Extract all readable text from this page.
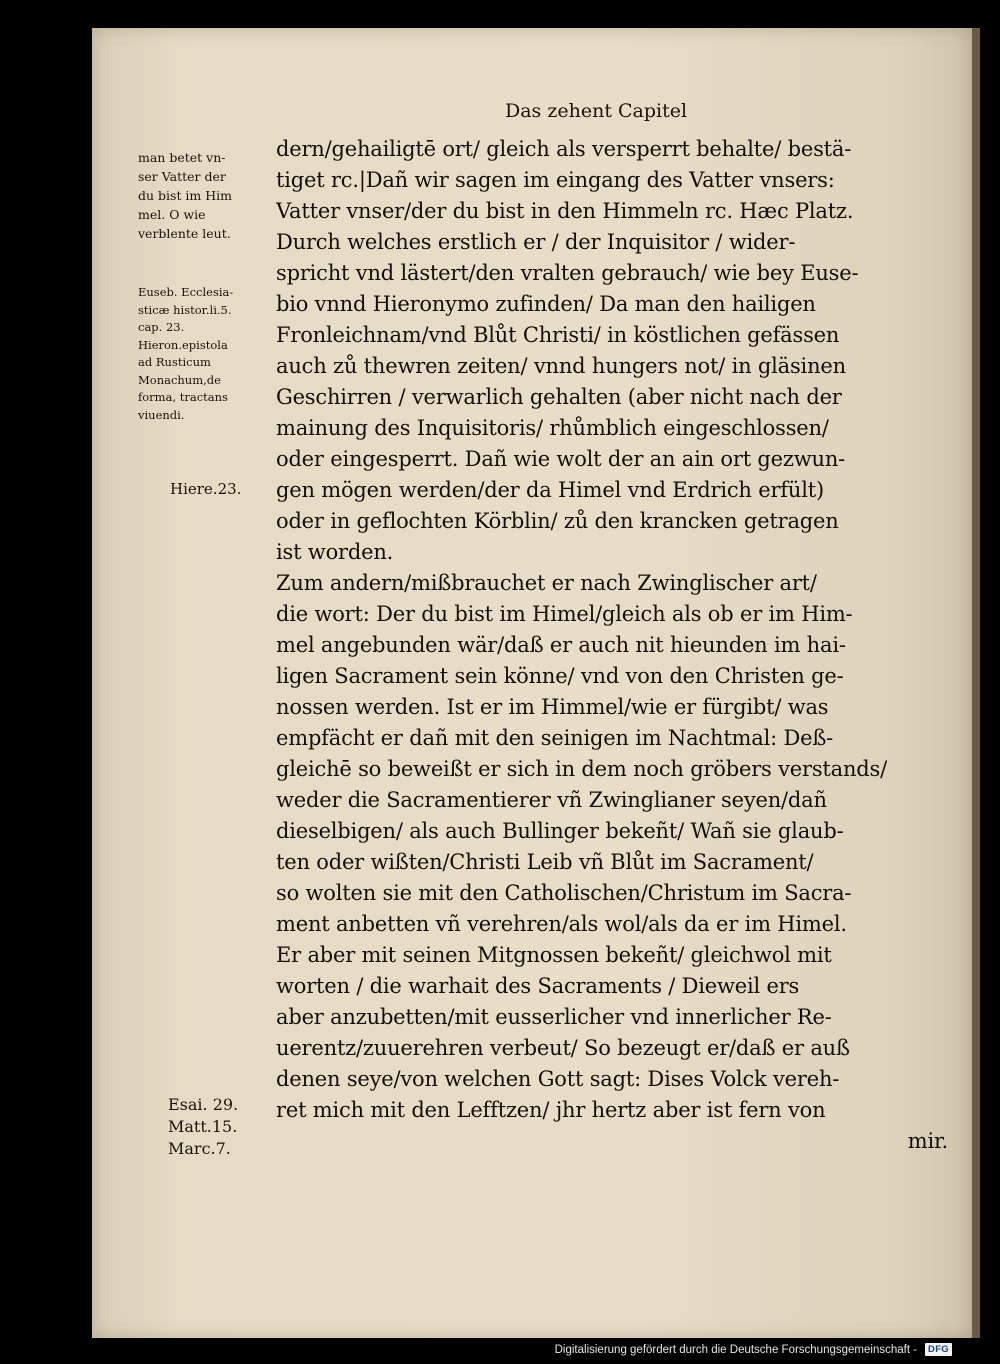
Das zehent Capitel
man betet vn‑
ser Vatter der
du bist im Him
mel. O wie
verblente leut.
Euseb. Ecclesia‑
sticæ histor.li.5.
cap. 23.
Hieron.epistola
ad Rusticum
Monachum,de
forma, tractans
viuendi.
Hiere.23.
Esai. 29.
Matt.15.
Marc.7.
dern/gehailigtē ort/ gleich als versperrt behalte/ bestä‑
tiget rc.|Dañ wir sagen im eingang des Vatter vnsers:
Vatter vnser/der du bist in den Himmeln rc. Hæc Platz.
Durch welches erstlich er / der Inquisitor / wider‑
spricht vnd lästert/den vralten gebrauch/ wie bey Euse‑
bio vnnd Hieronymo zufinden/ Da man den hailigen
Fronleichnam/vnd Blůt Christi/ in köstlichen gefässen
auch zů thewren zeiten/ vnnd hungers not/ in gläsinen
Geschirren / verwarlich gehalten (aber nicht nach der
mainung des Inquisitoris/ rhůmblich eingeschlossen/
oder eingesperrt. Dañ wie wolt der an ain ort gezwun‑
gen mögen werden/der da Himel vnd Erdrich erfült)
oder in geflochten Körblin/ zů den krancken getragen
ist worden.
Zum andern/mißbrauchet er nach Zwinglischer art/
die wort: Der du bist im Himel/gleich als ob er im Him‑
mel angebunden wär/daß er auch nit hieunden im hai‑
ligen Sacrament sein könne/ vnd von den Christen ge‑
nossen werden. Ist er im Himmel/wie er fürgibt/ was
empfächt er dañ mit den seinigen im Nachtmal: Deß‑
gleichē so beweißt er sich in dem noch gröbers verstands/
weder die Sacramentierer vñ Zwinglianer seyen/dañ
dieselbigen/ als auch Bullinger bekeñt/ Wañ sie glaub‑
ten oder wißten/Christi Leib vñ Blůt im Sacrament/
so wolten sie mit den Catholischen/Christum im Sacra‑
ment anbetten vñ verehren/als wol/als da er im Himel.
Er aber mit seinen Mitgnossen bekeñt/ gleichwol mit
worten / die warhait des Sacraments / Dieweil ers
aber anzubetten/mit eusserlicher vnd innerlicher Re‑
uerentz/zuuerehren verbeut/ So bezeugt er/daß er auß
denen seye/von welchen Gott sagt: Dises Volck vereh‑
ret mich mit den Lefftzen/ jhr hertz aber ist fern von
mir.
Digitalisierung gefördert durch die Deutsche Forschungsgemeinschaft -	DFG
